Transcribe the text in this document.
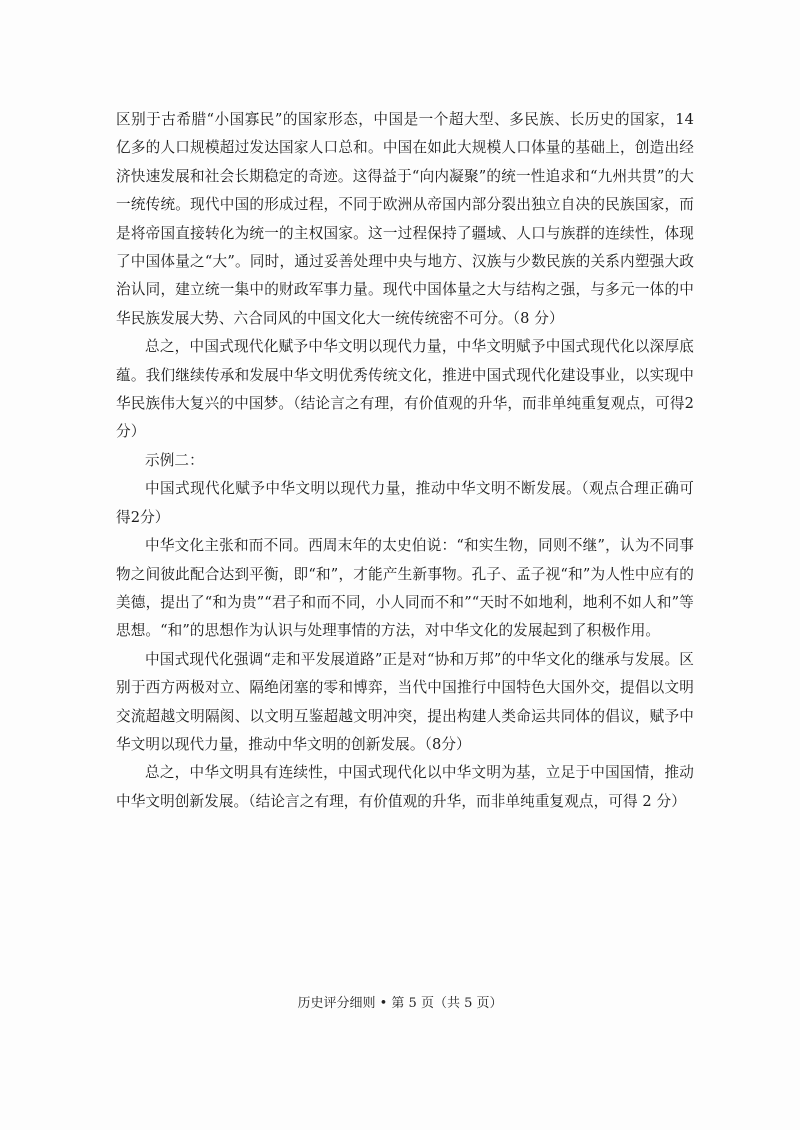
区别于古希腊“小国寡民”的国家形态，中国是一个超大型、多民族、长历史的国家，14 亿多的人口规模超过发达国家人口总和。中国在如此大规模人口体量的基础上，创造出经济快速发展和社会长期稳定的奇迹。这得益于“向内凝聚”的统一性追求和“九州共贯”的大一统传统。现代中国的形成过程，不同于欧洲从帝国内部分裂出独立自决的民族国家，而是将帝国直接转化为统一的主权国家。这一过程保持了疆域、人口与族群的连续性，体现了中国体量之“大”。同时，通过妥善处理中央与地方、汉族与少数民族的关系内塑强大政治认同，建立统一集中的财政军事力量。现代中国体量之大与结构之强，与多元一体的中华民族发展大势、六合同风的中国文化大一统传统密不可分。（8 分）

总之，中国式现代化赋予中华文明以现代力量，中华文明赋予中国式现代化以深厚底蕴。我们继续传承和发展中华文明优秀传统文化，推进中国式现代化建设事业，以实现中华民族伟大复兴的中国梦。（结论言之有理，有价值观的升华，而非单纯重复观点，可得2分）

示例二：

中国式现代化赋予中华文明以现代力量，推动中华文明不断发展。（观点合理正确可得2分）

中华文化主张和而不同。西周末年的太史伯说：“和实生物，同则不继”，认为不同事物之间彼此配合达到平衡，即“和”，才能产生新事物。孔子、孟子视“和”为人性中应有的美德，提出了“和为贵”“君子和而不同，小人同而不和”“天时不如地利，地利不如人和”等思想。“和”的思想作为认识与处理事情的方法，对中华文化的发展起到了积极作用。

中国式现代化强调“走和平发展道路”正是对“协和万邦”的中华文化的继承与发展。区别于西方两极对立、隔绝闭塞的零和博弈，当代中国推行中国特色大国外交，提倡以文明交流超越文明隔阂、以文明互鉴超越文明冲突，提出构建人类命运共同体的倡议，赋予中华文明以现代力量，推动中华文明的创新发展。（8分）

总之，中华文明具有连续性，中国式现代化以中华文明为基，立足于中国国情，推动中华文明创新发展。（结论言之有理，有价值观的升华，而非单纯重复观点，可得 2 分）

历史评分细则 • 第 5 页（共 5 页）
